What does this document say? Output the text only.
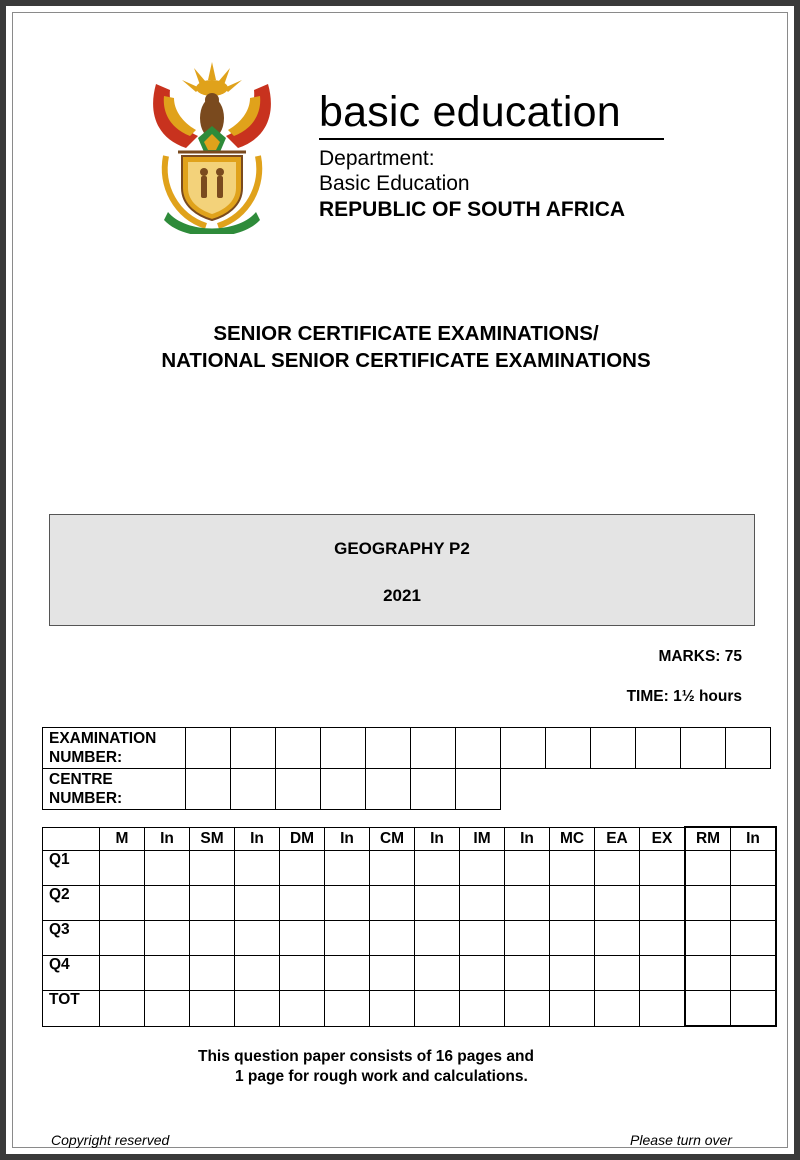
basic education
Department:
Basic Education
REPUBLIC OF SOUTH AFRICA
SENIOR CERTIFICATE EXAMINATIONS/
NATIONAL SENIOR CERTIFICATE EXAMINATIONS
GEOGRAPHY P2
2021
MARKS: 75
TIME: 1½ hours
EXAMINATION
NUMBER:													

CENTRE
NUMBER:													

	M	In	SM	In	DM	In	CM	In	IM	In	MC	EA	EX	RM	In
Q1															
Q2															
Q3															
Q4															
TOT															
This question paper consists of 16 pages and
1 page for rough work and calculations.
Copyright reserved	Please turn over
